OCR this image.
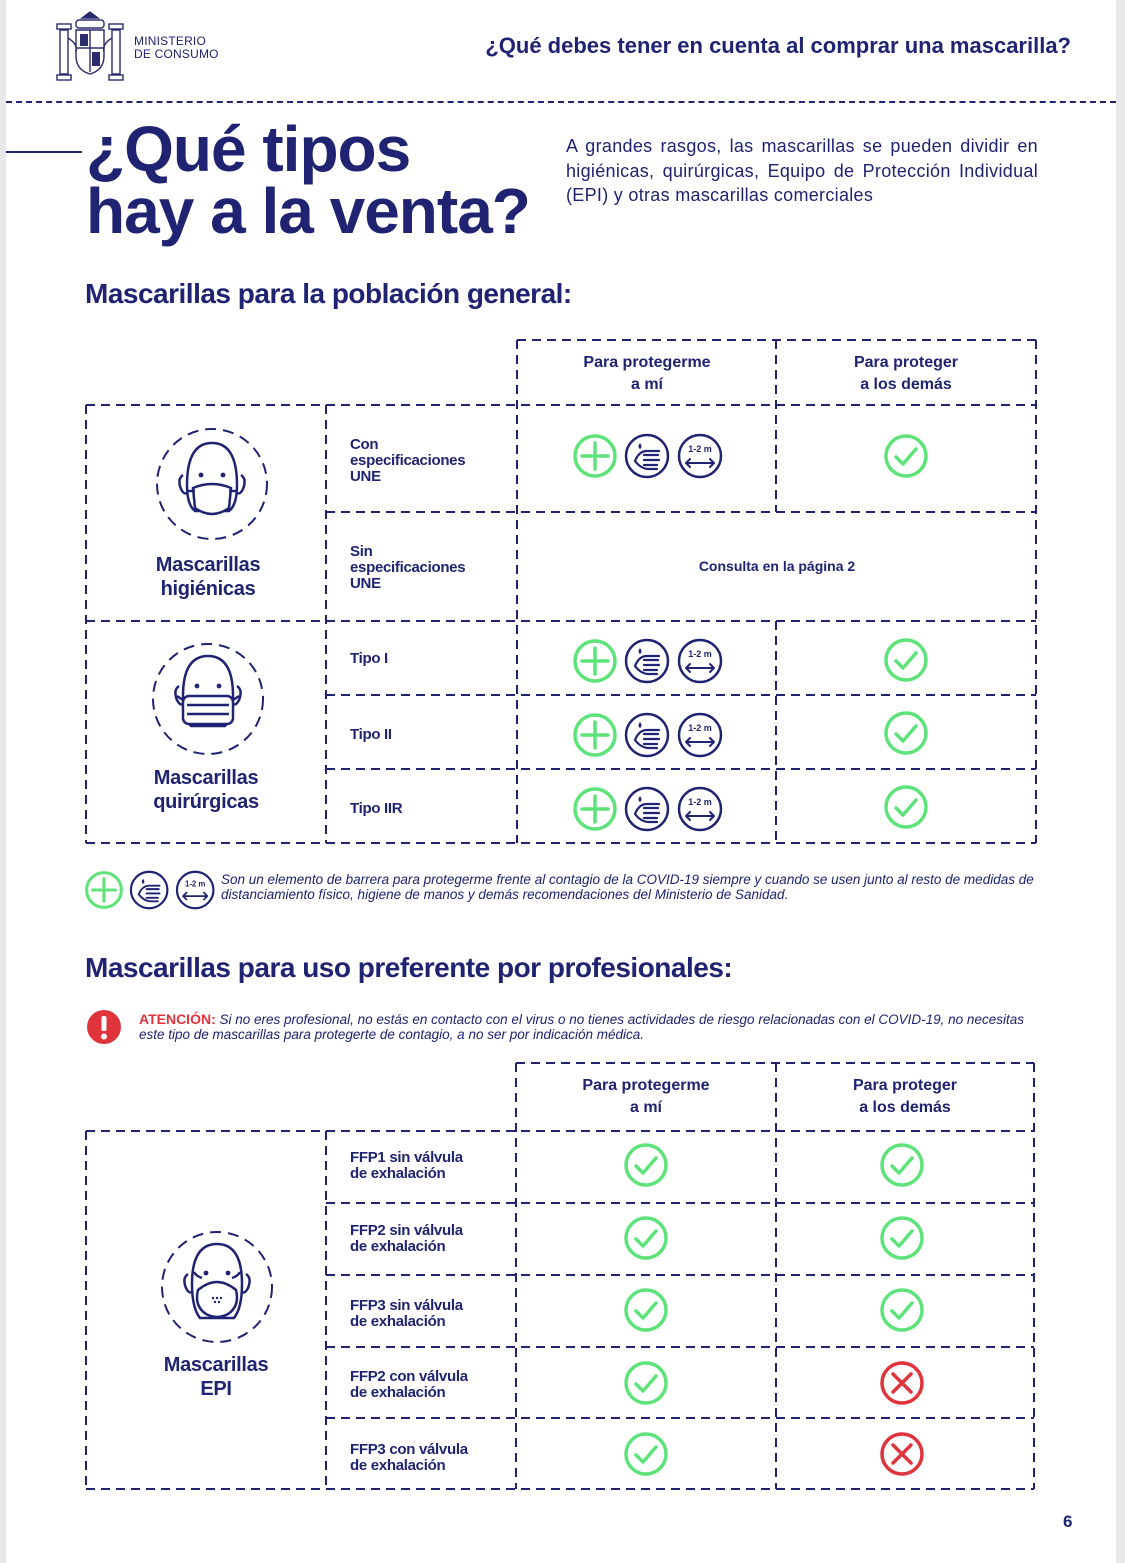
MINISTERIO
DE CONSUMO	¿Qué debes tener en cuenta al comprar una mascarilla?
¿Qué tipos
hay a la venta?
A grandes rasgos, las mascarillas se pueden dividir en higiénicas, quirúrgicas, Equipo de Protección Individual (EPI) y otras mascarillas comerciales
Mascarillas para la población general:
Para protegerme
a mí
Para proteger
a los demás
Mascarillas
higiénicas
Mascarillas
quirúrgicas
Con
especificaciones
UNE
Sin
especificaciones
UNE
Consulta en la página 2
Tipo I
Tipo II
Tipo IIR
1-2 m
1-2 m
1-2 m
1-2 m
1-2 m Son un elemento de barrera para protegerme frente al contagio de la COVID-19 siempre y cuando se usen junto al resto de medidas de distanciamiento físico, higiene de manos y demás recomendaciones del Ministerio de Sanidad.
Mascarillas para uso preferente por profesionales:
ATENCIÓN: Si no eres profesional, no estás en contacto con el virus o no tienes actividades de riesgo relacionadas con el COVID-19, no necesitas este tipo de mascarillas para protegerte de contagio, a no ser por indicación médica.
Para protegerme
a mí
Para proteger
a los demás
Mascarillas
EPI
FFP1 sin válvula
de exhalación
FFP2 sin válvula
de exhalación
FFP3 sin válvula
de exhalación
FFP2 con válvula
de exhalación
FFP3 con válvula
de exhalación
6
